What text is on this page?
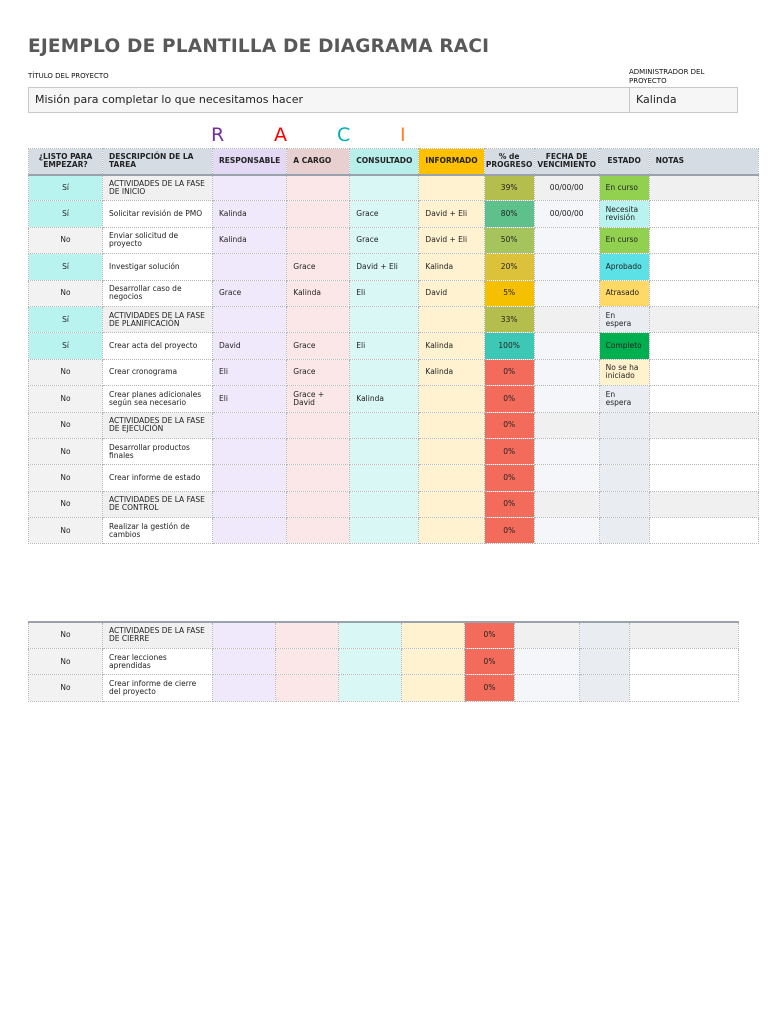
EJEMPLO DE PLANTILLA DE DIAGRAMA RACI
TÍTULO DEL PROYECTO	ADMINISTRADOR DEL
PROYECTO
Misión para completar lo que necesitamos hacer	Kalinda
R	A	C	I
¿LISTO PARA EMPEZAR?	DESCRIPCIÓN DE LA TAREA	RESPONSABLE	A CARGO	CONSULTADO	INFORMADO	% de PROGRESO	FECHA DE VENCIMIENTO	ESTADO	NOTAS
Sí	ACTIVIDADES DE LA FASE DE INICIO					39%	00/00/00	En curso	
Sí	Solicitar revisión de PMO	Kalinda		Grace	David + Eli	80%	00/00/00	Necesita revisión	
No	Enviar solicitud de proyecto	Kalinda		Grace	David + Eli	50%		En curso	
Sí	Investigar solución		Grace	David + Eli	Kalinda	20%		Aprobado	
No	Desarrollar caso de negocios	Grace	Kalinda	Eli	David	5%		Atrasado	
Sí	ACTIVIDADES DE LA FASE DE PLANIFICACIÓN					33%		En espera	
Sí	Crear acta del proyecto	David	Grace	Eli	Kalinda	100%		Completo	
No	Crear cronograma	Eli	Grace		Kalinda	0%		No se ha iniciado	
No	Crear planes adicionales según sea necesario	Eli	Grace + David	Kalinda		0%		En espera	
No	ACTIVIDADES DE LA FASE DE EJECUCIÓN					0%			
No	Desarrollar productos finales					0%			
No	Crear informe de estado					0%			
No	ACTIVIDADES DE LA FASE DE CONTROL					0%			
No	Realizar la gestión de cambios					0%			
No	ACTIVIDADES DE LA FASE DE CIERRE					0%			
No	Crear lecciones aprendidas					0%			
No	Crear informe de cierre del proyecto					0%			
